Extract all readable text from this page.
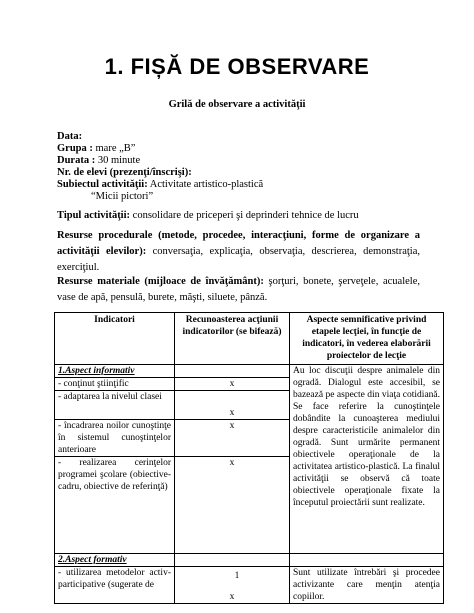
1. FIȘĂ DE OBSERVARE
Grilă de observare a activităţii
Data:
Grupa : mare „B”
Durata : 30 minute
Nr. de elevi (prezenţi/înscrişi):
Subiectul activităţii: Activitate artistico-plastică
“Micii pictori”
Tipul activităţii: consolidare de priceperi şi deprinderi tehnice de lucru
Resurse procedurale (metode, procedee, interacţiuni, forme de organizare a activităţii elevilor): conversaţia, explicaţia, observaţia, descrierea, demonstraţia, exerciţiul.
Resurse materiale (mijloace de învăţământ): şorţuri, bonete, şerveţele, acualele, vase de apă, pensulă, burete, măşti, siluete, pânză.
Indicatori	Recunoasterea acţiunii indicatorilor (se bifează)	Aspecte semnificative privind etapele lecţiei, în funcţie de indicatori, în vederea elaborării proiectelor de lecţie
1.Aspect informativ		Au loc discuţii despre animalele din ogradă. Dialogul este accesibil, se bazează pe aspecte din viaţa cotidiană. Se face referire la cunoştinţele dobândite la cunoaşterea mediului despre caracteristicile animalelor din ogradă. Sunt urmărite permanent obiectivele operaţionale de la activitatea artistico-plastică. La finalul activităţii se observă că toate obiectivele operaţionale fixate la începutul proiectării sunt realizate.
- conţinut ştiinţific	x	
- adaptarea la nivelul clasei	x	
- încadrarea noilor cunoştinţe în sistemul cunoştinţelor anterioare	x	
- realizarea cerinţelor programei şcolare (obiective-cadru, obiective de referinţă)	x	
2.Aspect formativ		
- utilizarea metodelor activ-participative (sugerate de	x	Sunt utilizate întrebări şi procedee activizante care menţin atenţia copiilor.
1
